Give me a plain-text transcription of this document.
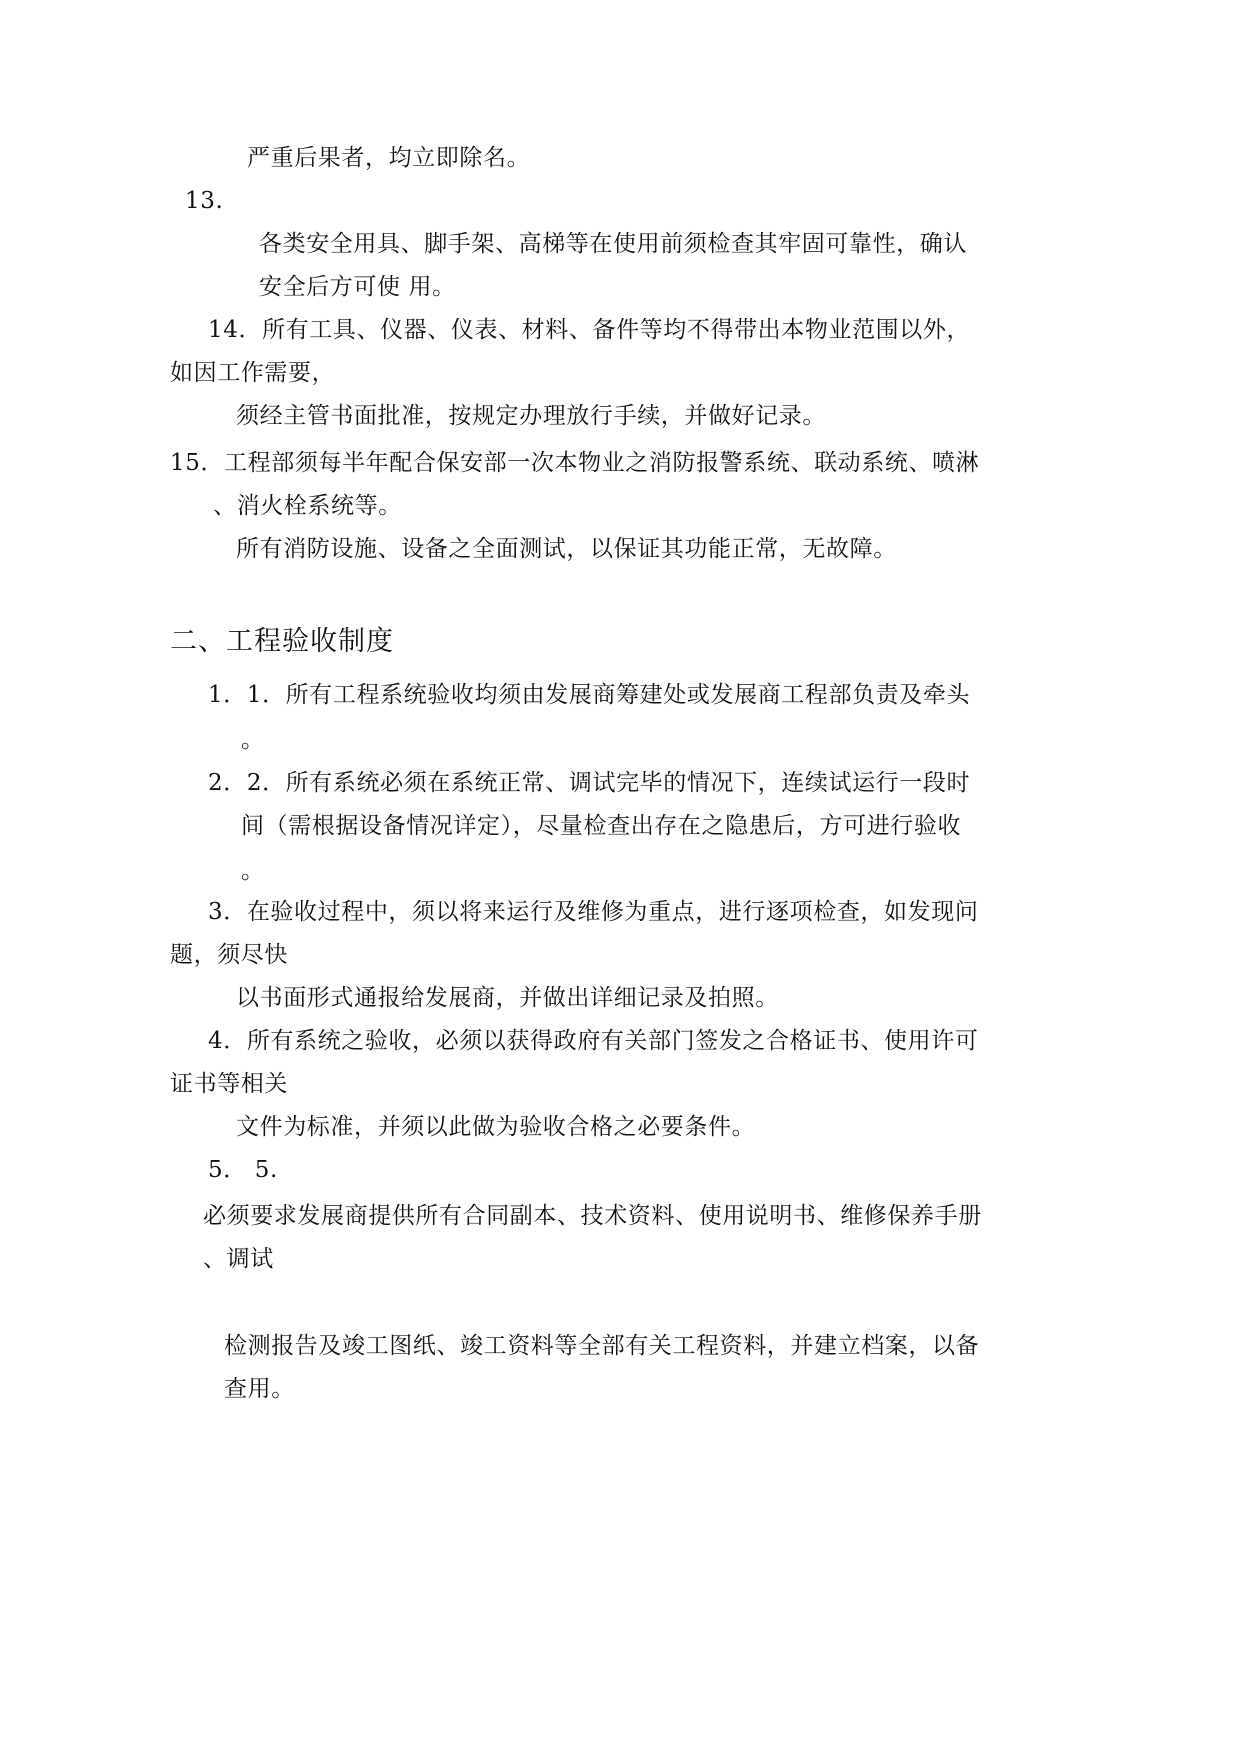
严重后果者，均立即除名。
13.
各类安全用具、脚手架、高梯等在使用前须检查其牢固可靠性，确认
安全后方可使 用。
14．所有工具、仪器、仪表、材料、备件等均不得带出本物业范围以外，
如因工作需要，
须经主管书面批准，按规定办理放行手续，并做好记录。
15．工程部须每半年配合保安部一次本物业之消防报警系统、联动系统、喷淋
、消火栓系统等。
所有消防设施、设备之全面测试，以保证其功能正常，无故障。
二、工程验收制度
1．1．所有工程系统验收均须由发展商筹建处或发展商工程部负责及牵头
。
2．2．所有系统必须在系统正常、调试完毕的情况下，连续试运行一段时
间（需根据设备情况详定），尽量检查出存在之隐患后，方可进行验收
。
3．在验收过程中，须以将来运行及维修为重点，进行逐项检查，如发现问
题，须尽快
以书面形式通报给发展商，并做出详细记录及拍照。
4．所有系统之验收，必须以获得政府有关部门签发之合格证书、使用许可
证书等相关
文件为标准，并须以此做为验收合格之必要条件。
5． 5.
必须要求发展商提供所有合同副本、技术资料、使用说明书、维修保养手册
、调试
检测报告及竣工图纸、竣工资料等全部有关工程资料，并建立档案，以备
查用。
